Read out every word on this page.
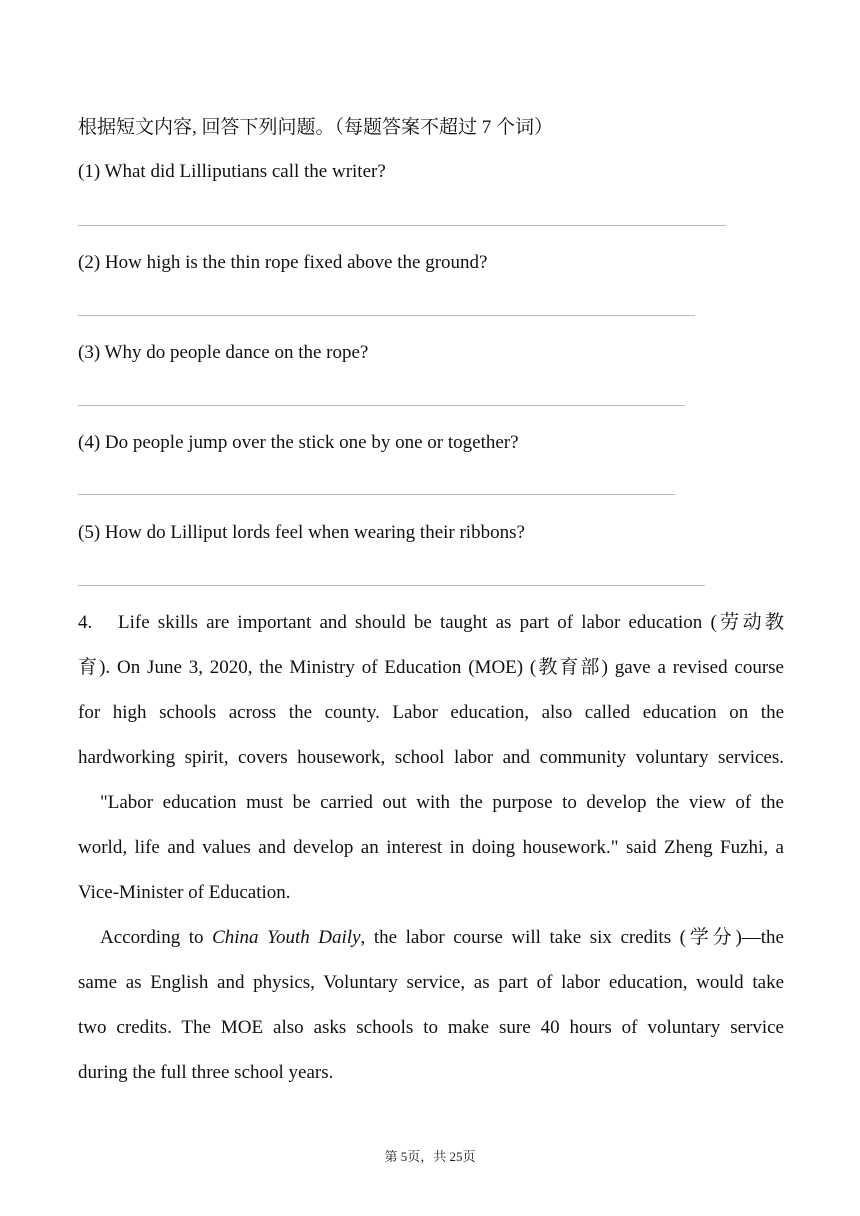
根据短文内容, 回答下列问题。（每题答案不超过 7 个词）

(1) What did Lilliputians call the writer?

(2) How high is the thin rope fixed above the ground?

(3) Why do people dance on the rope?

(4) Do people jump over the stick one by one or together?

(5) How do Lilliput lords feel when wearing their ribbons?

4. Life skills are important and should be taught as part of labor education (劳动教

育). On June 3, 2020, the Ministry of Education (MOE) (教育部) gave a revised course

for high schools across the county. Labor education, also called education on the

hardworking spirit, covers housework, school labor and community voluntary services.

"Labor education must be carried out with the purpose to develop the view of the

world, life and values and develop an interest in doing housework." said Zheng Fuzhi, a

Vice-Minister of Education.

According to China Youth Daily, the labor course will take six credits (学分)—the

same as English and physics, Voluntary service, as part of labor education, would take

two credits. The MOE also asks schools to make sure 40 hours of voluntary service

during the full three school years.

第 5页，共 25页
